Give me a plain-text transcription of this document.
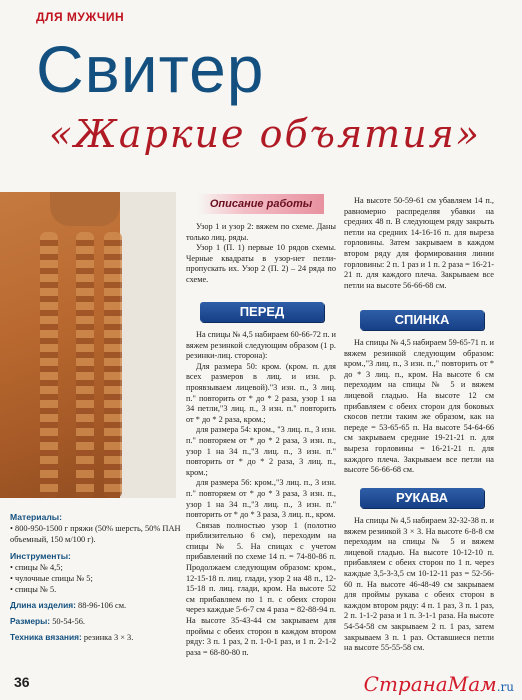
ДЛЯ МУЖЧИН
Свитер
«Жаркие объятия»
Материалы:
• 800-950-1500 г пряжи (50% шерсть, 50% ПАН объемный, 150 м/100 г).
Инструменты:
• спицы № 4,5;
• чулочные спицы № 5;
• спицы № 5.
Длина изделия: 88-96-106 см.
Размеры: 50-54-56.
Техника вязания: резинка 3 × 3.
Описание работы

Узор 1 и узор 2: вяжем по схеме. Даны только лиц. ряды.

Узор 1 (П. 1) первые 10 рядов схемы. Черные квадраты в узор-нет петли-пропускать их. Узор 2 (П. 2) – 24 ряда по схеме.

ПЕРЕД

На спицы № 4,5 набираем 60-66-72 п. и вяжем резинкой следующим образом (1 р. резинки-лиц. сторона):

Для размера 50: кром. (кром. п. для всех размеров в лиц. и изн. р. проявзываем лицевой)."3 изн. п., 3 лиц. п." повторить от * до * 2 раза, узор 1 на 34 петли,"3 лиц. п., 3 изн. п." повторить от * до * 2 раза, кром.;

для размера 54: кром., "3 лиц. п., 3 изн. п." повторяем от * до * 2 раза, 3 изн. п., узор 1 на 34 п.,"3 лиц. п., 3 изн. п." повторить от * до * 2 раза, 3 лиц. п., кром.;

для размера 56: кром.,"3 лиц. п., 3 изн. п." повторяем от * до * 3 раза, 3 изн. п., узор 1 на 34 п.,"3 лиц. п., 3 изн. п." повторить от * до * 3 раза, 3 лиц. п., кром.

Связав полностью узор 1 (полотно приблизительно 6 см), переходим на спицы № 5. На спицах с учетом прибавлений по схеме 14 п. = 74-80-86 п. Продолжаем следующим образом: кром., 12-15-18 п. лиц. глади, узор 2 на 48 п., 12-15-18 п. лиц. глади, кром. На высоте 52 см прибавляем по 1 п. с обеих сторон через каждые 5-6-7 см 4 раза = 82-88-94 п. На высоте 35-43-44 см закрываем для проймы с обеих сторон в каждом втором ряду: 3 п. 1 раз, 2 п. 1-0-1 раз, и 1 п. 2-1-2 раза = 68-80-80 п.

На высоте 50-59-61 см убавляем 14 п., равномерно распределяя убавки на средних 48 п. В следующем ряду закрыть петли на средних 14-16-16 п. для выреза горловины. Затем закрываем в каждом втором ряду для формирования линии горловины: 2 п. 1 раз и 1 п. 2 раза = 16-21-21 п. для каждого плеча. Закрываем все петли на высоте 56-66-68 см.

СПИНКА

На спицы № 4,5 набираем 59-65-71 п. и вяжем резинкой следующим образом: кром.,"3 лиц. п., 3 изн. п.," повторить от * до * 3 лиц. п., кром. На высоте 6 см переходим на спицы № 5 и вяжем лицевой гладью. На высоте 12 см прибавляем с обеих сторон для боковых скосов петли таким же образом, как на переде = 53-65-65 п. На высоте 54-64-66 см закрываем средние 19-21-21 п. для выреза горловины = 16-21-21 п. для каждого плеча. Закрываем все петли на высоте 56-66-68 см.

РУКАВА

На спицы № 4,5 набираем 32-32-38 п. и вяжем резинкой 3 × 3. На высоте 6-8-8 см переходим на спицы № 5 и вяжем лицевой гладью. На высоте 10-12-10 п. прибавляем с обеих сторон по 1 п. через каждые 3,5-3-3,5 см 10-12-11 раз = 52-56-60 п. На высоте 46-48-49 см закрываем для проймы рукава с обеих сторон в каждом втором ряду: 4 п. 1 раз, 3 п. 1 раз, 2 п. 1-1-2 раза и 1 п. 3-1-1 раза. На высоте 54-54-58 см закрываем 2 п. 1 раз, затем закрываем 3 п. 1 раз. Оставшиеся петли на высоте 55-55-58 см.

36	СтранаМам.ru
